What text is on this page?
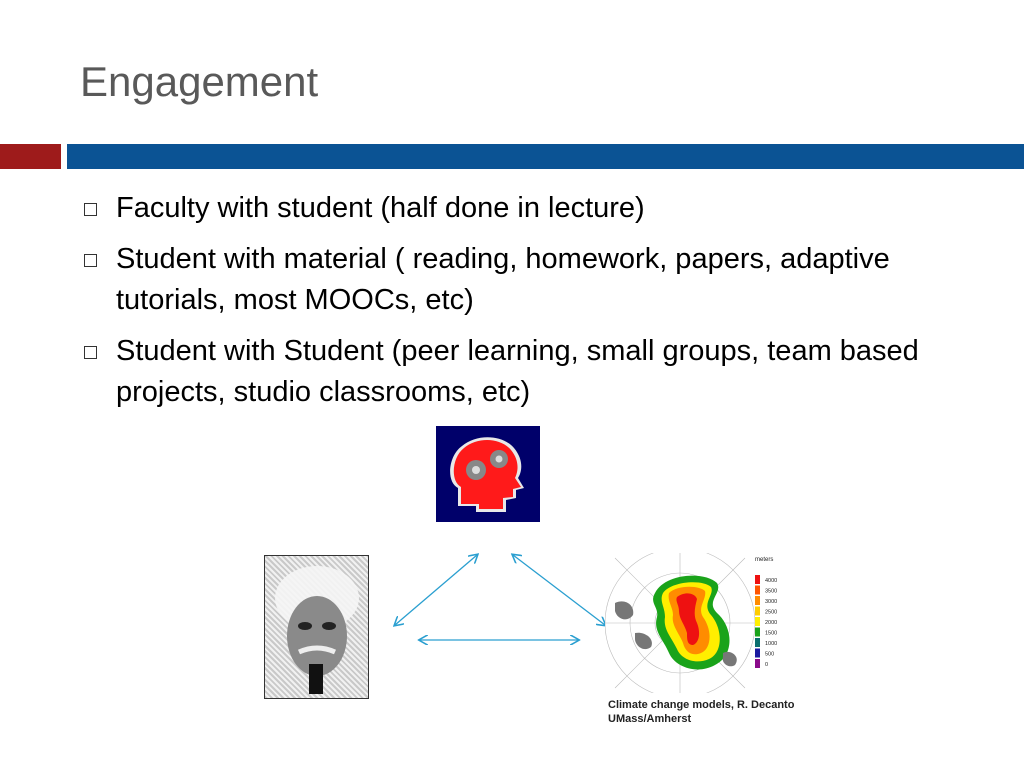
Engagement
Faculty with student (half done in lecture)
Student with material ( reading, homework, papers, adaptive tutorials, most MOOCs, etc)
Student with Student (peer learning, small groups, team based projects, studio classrooms, etc)
meters
4000
3500
3000
2500
2000
1500
1000
500
0
Climate change models, R. Decanto
UMass/Amherst
